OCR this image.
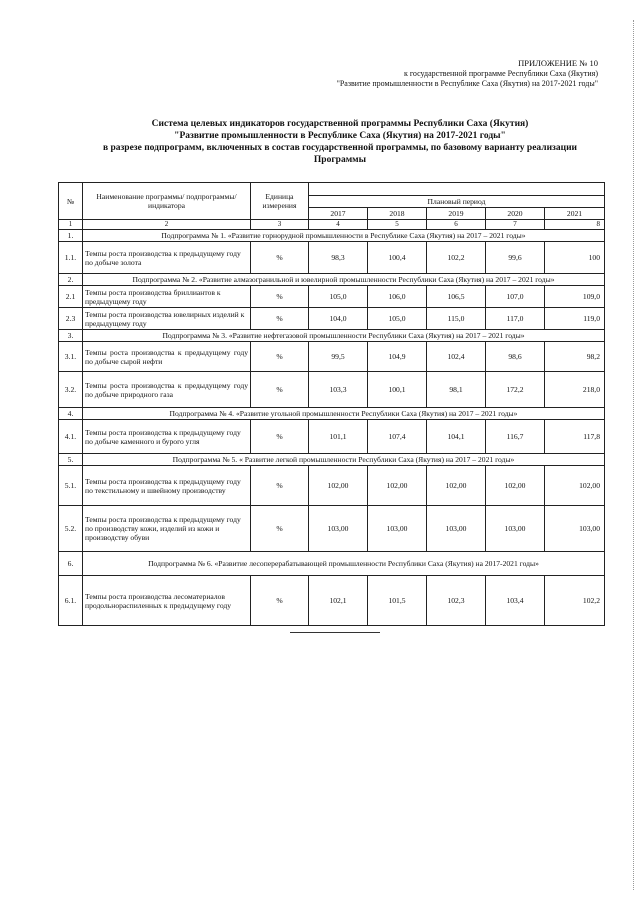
ПРИЛОЖЕНИЕ № 10
к государственной программе Республики Саха (Якутия)
"Развитие промышленности в Республике Саха (Якутия) на 2017-2021 годы"
Система целевых индикаторов государственной программы Республики Саха (Якутия)
"Развитие промышленности в Республике Саха (Якутия) на 2017-2021 годы"
в разрезе подпрограмм, включенных в состав государственной программы, по базовому варианту реализации
Программы
№	Наименование программы/ подпрограммы/ индикатора	Единица измерения					
			Плановый период				
			2017	2018	2019	2020	2021
1	2	3	4	5	6	7	8
1.	Подпрограмма № 1. «Развитие горнорудной промышленности в Республике Саха (Якутия) на 2017 – 2021 годы»						
1.1.	Темпы роста производства к предыдущему году по добыче золота	%	98,3	100,4	102,2	99,6	100
2.	Подпрограмма № 2. «Развитие алмазогранильной и ювелирной промышленности Республики Саха (Якутия) на 2017 – 2021 годы»						
2.1	Темпы роста производства бриллиантов к предыдущему году	%	105,0	106,0	106,5	107,0	109,0
2.3	Темпы роста производства ювелирных изделий к предыдущему году	%	104,0	105,0	115,0	117,0	119,0
3.	Подпрограмма № 3. «Развитие нефтегазовой промышленности Республики Саха (Якутия) на 2017 – 2021 годы»						
3.1.	Темпы роста производства к предыдущему году по добыче сырой нефти	%	99,5	104,9	102,4	98,6	98,2
3.2.	Темпы роста производства к предыдущему году по добыче природного газа	%	103,3	100,1	98,1	172,2	218,0
4.	Подпрограмма № 4. «Развитие угольной промышленности Республики Саха (Якутия) на 2017 – 2021 годы»						
4.1.	Темпы роста производства к предыдущему году по добыче каменного и бурого угля	%	101,1	107,4	104,1	116,7	117,8
5.	Подпрограмма № 5. « Развитие легкой промышленности Республики Саха (Якутия) на 2017 – 2021 годы»						
5.1.	Темпы роста производства к предыдущему году по текстильному и швейному производству	%	102,00	102,00	102,00	102,00	102,00
5.2.	Темпы роста производства к предыдущему году по производству кожи, изделий из кожи и производству обуви	%	103,00	103,00	103,00	103,00	103,00
6.	Подпрограмма № 6. «Развитие лесоперерабатывающей промышленности Республики Саха (Якутия) на 2017-2021 годы»						
6.1.	Темпы роста производства лесоматериалов продольнораспиленных к предыдущему году	%	102,1	101,5	102,3	103,4	102,2
